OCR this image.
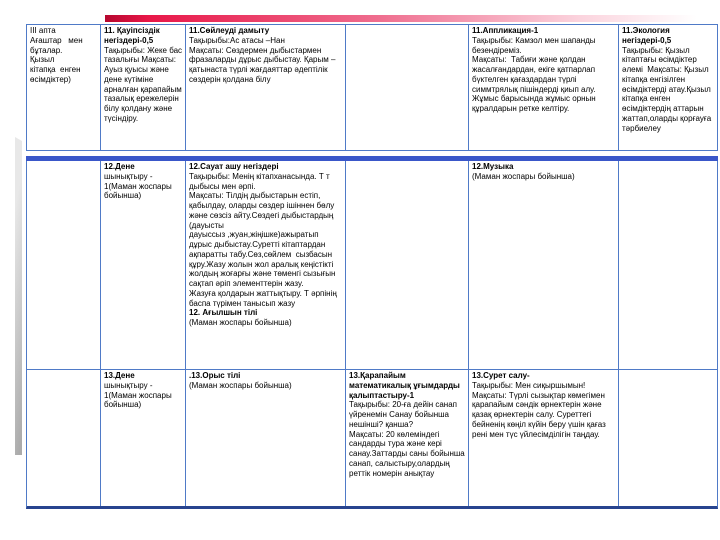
III апта
Ағаштар   мен
бұталар.
Қызыл
кітапқа  енген
өсімдіктер)
11. Қауіпсіздік негіздері-0,5
Тақырыбы: Жеке бас тазалығы Мақсаты: Ауыз қуысы және дене күтіміне арналған қарапайым тазалық ережелерін білу қолдану және түсіндіру.
11.Сөйлеуді дамыту
Тақырыбы:Ас атасы –Нан
Мақсаты: Сөздермен дыбыстармен фразаларды дұрыс дыбыстау. Қарым –қатынаста түрлі жағдаяттар әдептілік сөздерін қолдана білу
11.Аппликация-1
Тақырыбы: Камзол мен шапанды безендіреміз.
Мақсаты:  Табиғи және қолдан жасалғандардан, екіге қатпарлап бүктелген қағаздардан түрлі симмтрялық пішіндерді қиып алу. Жұмыс барысында жұмыс орнын құралдарын ретке келтіру.
11.Экология негіздері-0,5
Тақырыбы: Қызыл кітаптағы өсімдіктер әлемі  Мақсаты: Қызыл кітапқа енгізілген өсімдіктерді атау.Қызыл кітапқа енген өсімдіктердің аттарын жаттап,оларды қорғауға тәрбиелеу
12.Дене
шынықтыру - 1(Маман жоспары бойынша)
12.Сауат ашу негіздері
Тақырыбы: Менің кітапханасында. Т т дыбысы мен әрпі.
Мақсаты: Тілдің дыбыстарын естіп, қабылдау, оларды сөздер ішіннен бөлу және сөзсіз айту.Сөздегі дыбыстардың (дауысты
дауыссыз ,жуан,жіңішке)ажыратып дұрыс дыбыстау.Суретті кітаптардан ақпаратты табу.Сөз,сөйлем  сызбасын құру.Жазу жолын жол аралық кеңістікті жолдың жоғарғы және төменгі сызығын сақтап әріп элементтерін жазу.
Жазуға қолдарын жаттықтыру. Т әрпінің баспа түрімен танысып жазу
12. Ағылшын тілі
(Маман жоспары бойынша)
12.Музыка
(Маман жоспары бойынша)
13.Дене
шынықтыру - 1(Маман жоспары бойынша)
.13.Орыс тілі
(Маман жоспары бойынша)
13.Қарапайым математикалық ұғымдарды қалыптастыру-1
Тақырыбы: 20-ға дейін санап үйренемін Санау бойынша нешінші? қанша?
Мақсаты: 20 көлеміндегі сандарды тура және кері санау.Заттарды саны бойынша санап, салыстыру,олардың реттік номерін анықтау
13.Сурет салу-
Тақырыбы: Мен сиқыршымын!
Мақсаты: Түрлі сызықтар көмегімен қарапайым сәндік өрнектерін және қазақ өрнектерін салу. Суреттегі бейненің көңіл күйін беру үшін қағаз рені мен түс үйлесімділігін таңдау.
